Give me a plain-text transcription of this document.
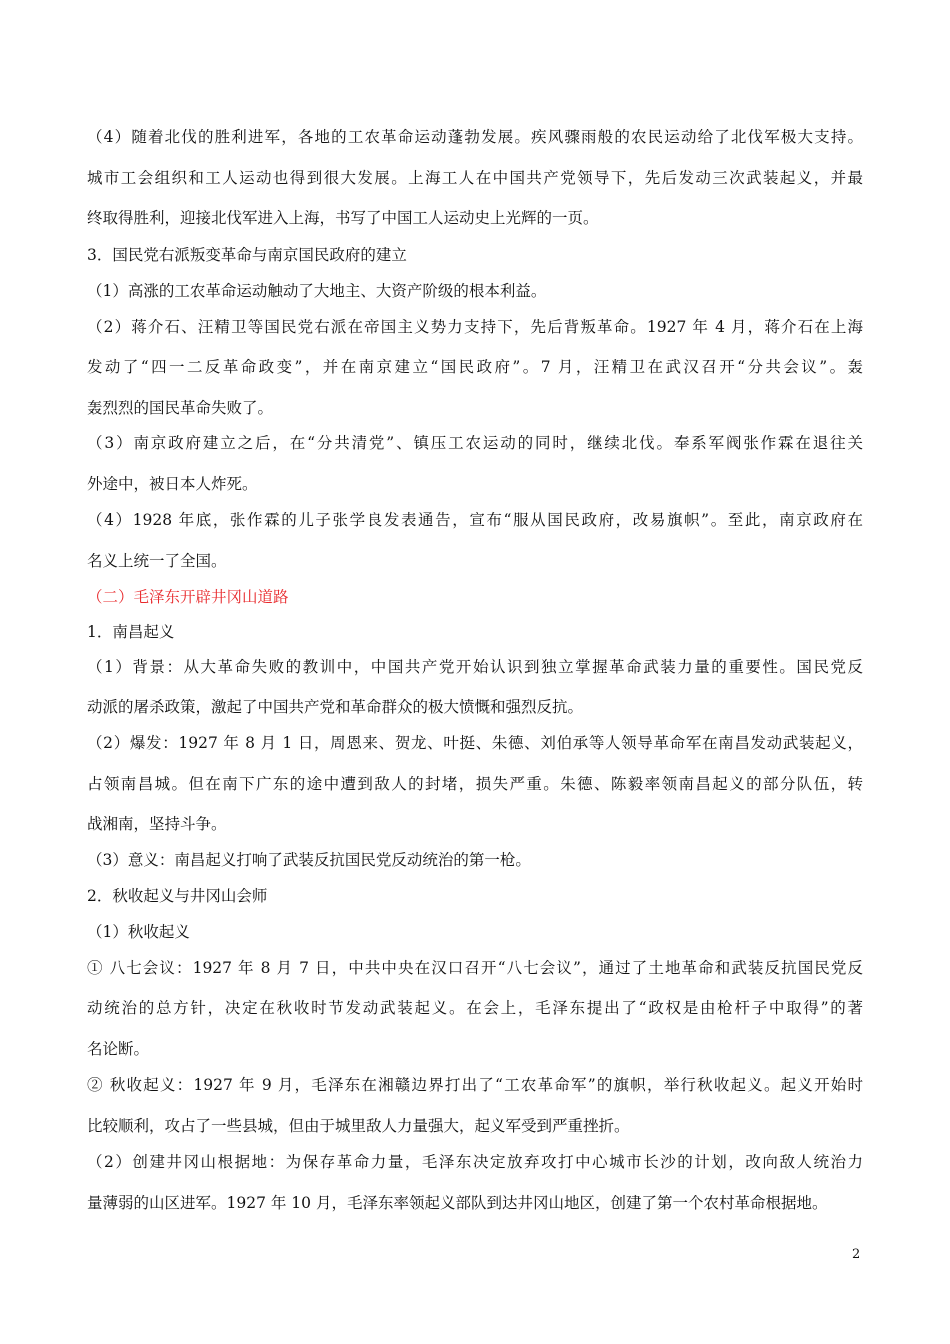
（4）随着北伐的胜利进军，各地的工农革命运动蓬勃发展。疾风骤雨般的农民运动给了北伐军极大支持。
城市工会组织和工人运动也得到很大发展。上海工人在中国共产党领导下，先后发动三次武装起义，并最
终取得胜利，迎接北伐军进入上海，书写了中国工人运动史上光辉的一页。
3．国民党右派叛变革命与南京国民政府的建立
（1）高涨的工农革命运动触动了大地主、大资产阶级的根本利益。
（2）蒋介石、汪精卫等国民党右派在帝国主义势力支持下，先后背叛革命。1927 年 4 月，蒋介石在上海
发动了“四一二反革命政变”，并在南京建立“国民政府”。7 月，汪精卫在武汉召开“分共会议”。轰
轰烈烈的国民革命失败了。
（3）南京政府建立之后，在“分共清党”、镇压工农运动的同时，继续北伐。奉系军阀张作霖在退往关
外途中，被日本人炸死。
（4）1928 年底，张作霖的儿子张学良发表通告，宣布“服从国民政府，改易旗帜”。至此，南京政府在
名义上统一了全国。
（二）毛泽东开辟井冈山道路
1．南昌起义
（1）背景：从大革命失败的教训中，中国共产党开始认识到独立掌握革命武装力量的重要性。国民党反
动派的屠杀政策，激起了中国共产党和革命群众的极大愤慨和强烈反抗。
（2）爆发：1927 年 8 月 1 日，周恩来、贺龙、叶挺、朱德、刘伯承等人领导革命军在南昌发动武装起义，
占领南昌城。但在南下广东的途中遭到敌人的封堵，损失严重。朱德、陈毅率领南昌起义的部分队伍，转
战湘南，坚持斗争。
（3）意义：南昌起义打响了武装反抗国民党反动统治的第一枪。
2．秋收起义与井冈山会师
（1）秋收起义
① 八七会议：1927 年 8 月 7 日，中共中央在汉口召开“八七会议”，通过了土地革命和武装反抗国民党反
动统治的总方针，决定在秋收时节发动武装起义。在会上，毛泽东提出了“政权是由枪杆子中取得”的著
名论断。
② 秋收起义：1927 年 9 月，毛泽东在湘赣边界打出了“工农革命军”的旗帜，举行秋收起义。起义开始时
比较顺利，攻占了一些县城，但由于城里敌人力量强大，起义军受到严重挫折。
（2）创建井冈山根据地：为保存革命力量，毛泽东决定放弃攻打中心城市长沙的计划，改向敌人统治力
量薄弱的山区进军。1927 年 10 月，毛泽东率领起义部队到达井冈山地区，创建了第一个农村革命根据地。
2
